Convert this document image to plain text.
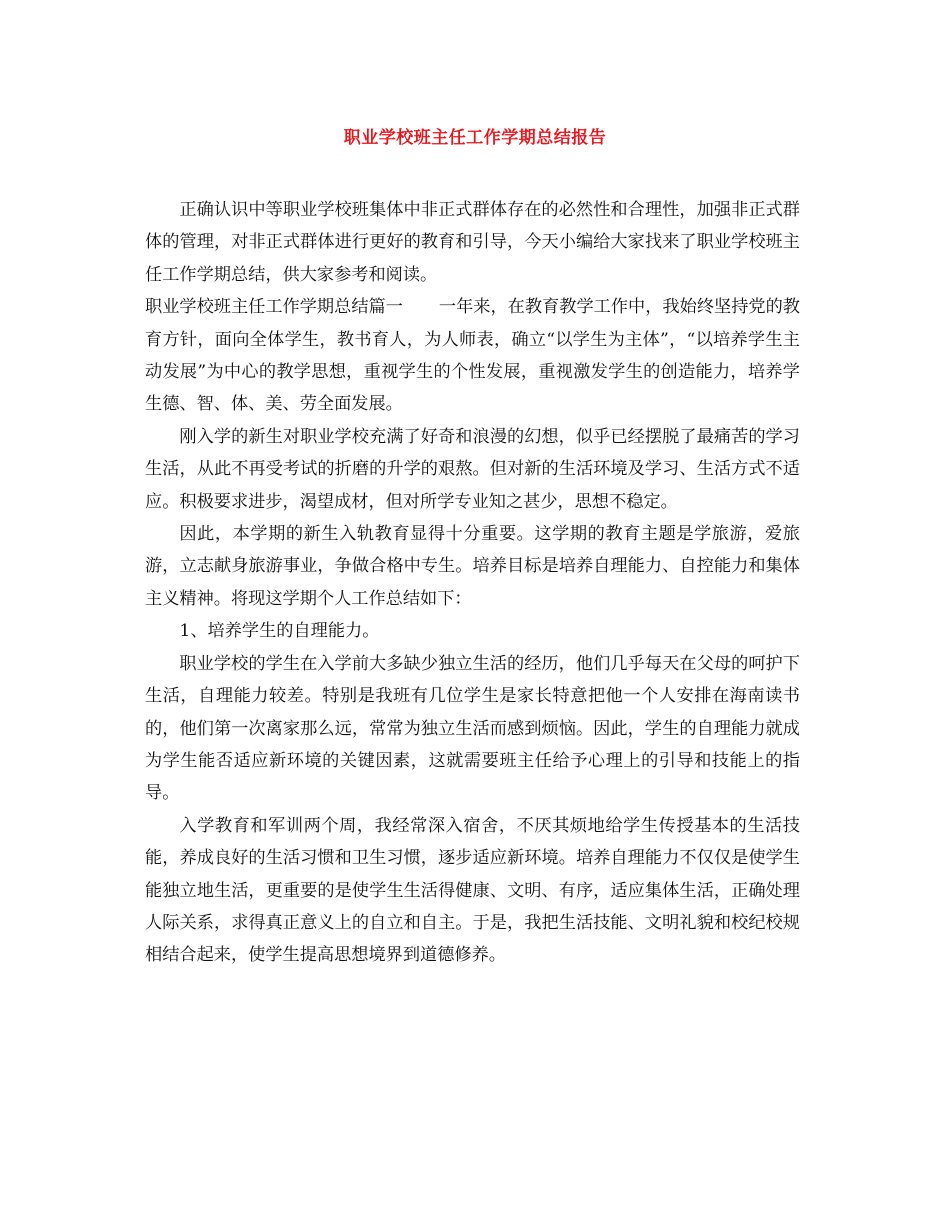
职业学校班主任工作学期总结报告

正确认识中等职业学校班集体中非正式群体存在的必然性和合理性，加强非正式群体的管理，对非正式群体进行更好的教育和引导，今天小编给大家找来了职业学校班主任工作学期总结，供大家参考和阅读。

职业学校班主任工作学期总结篇一 一年来，在教育教学工作中，我始终坚持党的教育方针，面向全体学生，教书育人，为人师表，确立“以学生为主体”，“以培养学生主动发展”为中心的教学思想，重视学生的个性发展，重视激发学生的创造能力，培养学生德、智、体、美、劳全面发展。

刚入学的新生对职业学校充满了好奇和浪漫的幻想，似乎已经摆脱了最痛苦的学习生活，从此不再受考试的折磨的升学的艰熬。但对新的生活环境及学习、生活方式不适应。积极要求进步，渴望成材，但对所学专业知之甚少，思想不稳定。

因此，本学期的新生入轨教育显得十分重要。这学期的教育主题是学旅游，爱旅游，立志献身旅游事业，争做合格中专生。培养目标是培养自理能力、自控能力和集体主义精神。将现这学期个人工作总结如下：

1、培养学生的自理能力。

职业学校的学生在入学前大多缺少独立生活的经历，他们几乎每天在父母的呵护下生活，自理能力较差。特别是我班有几位学生是家长特意把他一个人安排在海南读书的，他们第一次离家那么远，常常为独立生活而感到烦恼。因此，学生的自理能力就成为学生能否适应新环境的关键因素，这就需要班主任给予心理上的引导和技能上的指导。

入学教育和军训两个周，我经常深入宿舍，不厌其烦地给学生传授基本的生活技能，养成良好的生活习惯和卫生习惯，逐步适应新环境。培养自理能力不仅仅是使学生能独立地生活，更重要的是使学生生活得健康、文明、有序，适应集体生活，正确处理人际关系，求得真正意义上的自立和自主。于是，我把生活技能、文明礼貌和校纪校规相结合起来，使学生提高思想境界到道德修养。
